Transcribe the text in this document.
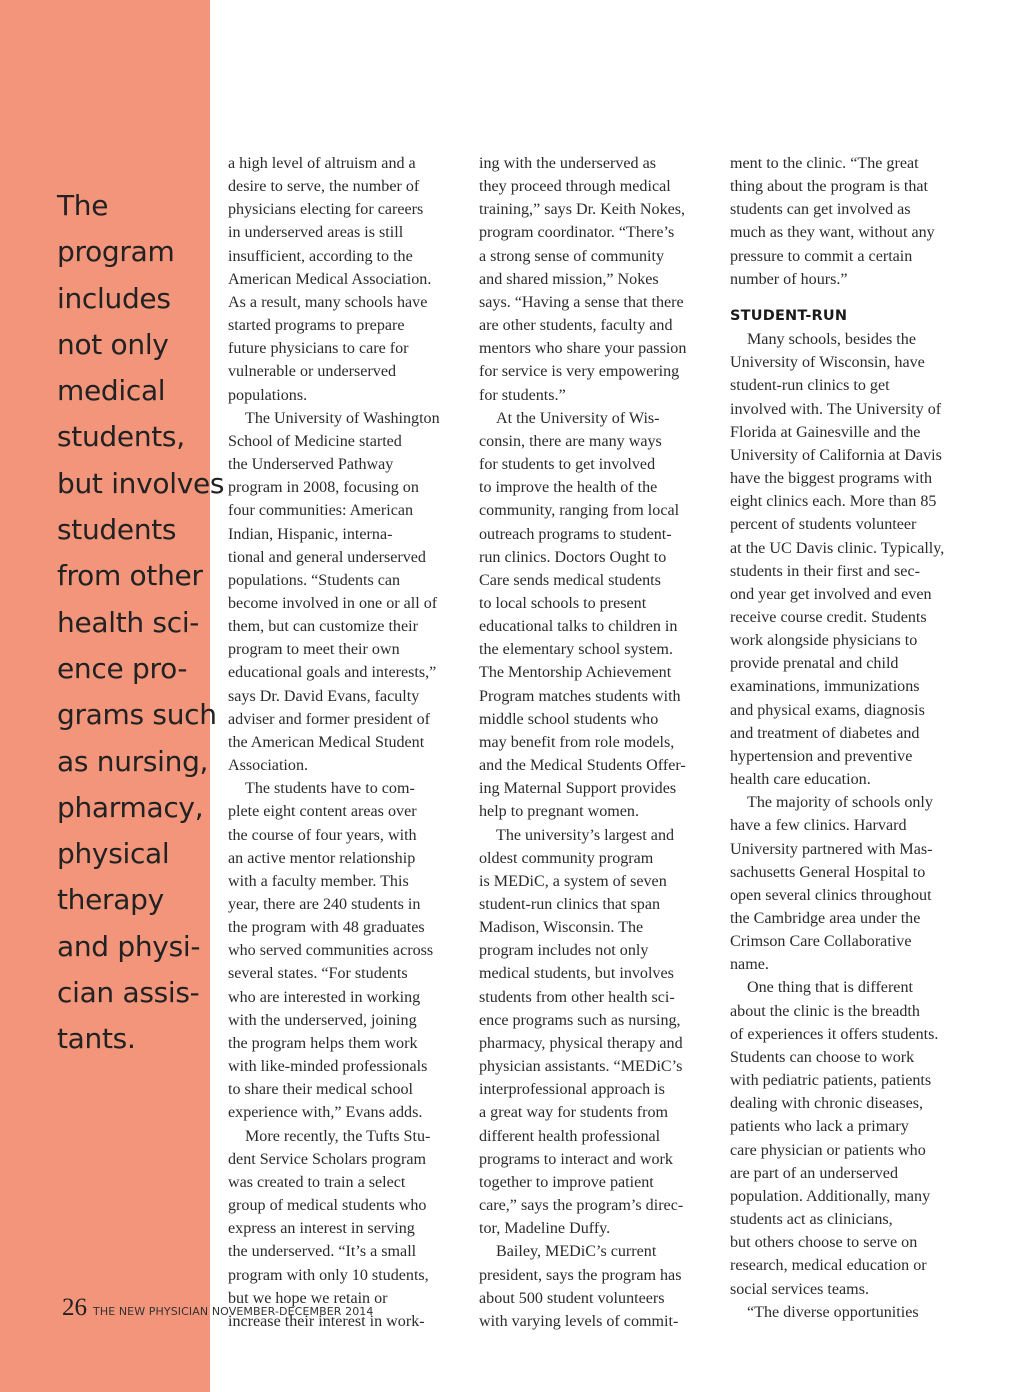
The
program
includes
not only
medical
students,
but involves
students
from other
health sci-
ence pro-
grams such
as nursing,
pharmacy,
physical
therapy
and physi-
cian assis-
tants.

a high level of altruism and a
desire to serve, the number of
physicians electing for careers
in underserved areas is still
insufficient, according to the
American Medical Association.
As a result, many schools have
started programs to prepare
future physicians to care for
vulnerable or underserved
populations.

The University of Washington
School of Medicine started
the Underserved Pathway
program in 2008, focusing on
four communities: American
Indian, Hispanic, interna-
tional and general underserved
populations. “Students can
become involved in one or all of
them, but can customize their
program to meet their own
educational goals and interests,”
says Dr. David Evans, faculty
adviser and former president of
the American Medical Student
Association.

The students have to com-
plete eight content areas over
the course of four years, with
an active mentor relationship
with a faculty member. This
year, there are 240 students in
the program with 48 graduates
who served communities across
several states. “For students
who are interested in working
with the underserved, joining
the program helps them work
with like-minded professionals
to share their medical school
experience with,” Evans adds.

More recently, the Tufts Stu-
dent Service Scholars program
was created to train a select
group of medical students who
express an interest in serving
the underserved. “It’s a small
program with only 10 students,
but we hope we retain or
increase their interest in work-

ing with the underserved as
they proceed through medical
training,” says Dr. Keith Nokes,
program coordinator. “There’s
a strong sense of community
and shared mission,” Nokes
says. “Having a sense that there
are other students, faculty and
mentors who share your passion
for service is very empowering
for students.”

At the University of Wis-
consin, there are many ways
for students to get involved
to improve the health of the
community, ranging from local
outreach programs to student-
run clinics. Doctors Ought to
Care sends medical students
to local schools to present
educational talks to children in
the elementary school system.
The Mentorship Achievement
Program matches students with
middle school students who
may benefit from role models,
and the Medical Students Offer-
ing Maternal Support provides
help to pregnant women.

The university’s largest and
oldest community program
is MEDiC, a system of seven
student-run clinics that span
Madison, Wisconsin. The
program includes not only
medical students, but involves
students from other health sci-
ence programs such as nursing,
pharmacy, physical therapy and
physician assistants. “MEDiC’s
interprofessional approach is
a great way for students from
different health professional
programs to interact and work
together to improve patient
care,” says the program’s direc-
tor, Madeline Duffy.

Bailey, MEDiC’s current
president, says the program has
about 500 student volunteers
with varying levels of commit-

ment to the clinic. “The great
thing about the program is that
students can get involved as
much as they want, without any
pressure to commit a certain
number of hours.”

STUDENT-RUN

Many schools, besides the
University of Wisconsin, have
student-run clinics to get
involved with. The University of
Florida at Gainesville and the
University of California at Davis
have the biggest programs with
eight clinics each. More than 85
percent of students volunteer
at the UC Davis clinic. Typically,
students in their first and sec-
ond year get involved and even
receive course credit. Students
work alongside physicians to
provide prenatal and child
examinations, immunizations
and physical exams, diagnosis
and treatment of diabetes and
hypertension and preventive
health care education.

The majority of schools only
have a few clinics. Harvard
University partnered with Mas-
sachusetts General Hospital to
open several clinics throughout
the Cambridge area under the
Crimson Care Collaborative
name.

One thing that is different
about the clinic is the breadth
of experiences it offers students.
Students can choose to work
with pediatric patients, patients
dealing with chronic diseases,
patients who lack a primary
care physician or patients who
are part of an underserved
population. Additionally, many
students act as clinicians,
but others choose to serve on
research, medical education or
social services teams.

“The diverse opportunities

26 THE NEW PHYSICIAN NOVEMBER-DECEMBER 2014
